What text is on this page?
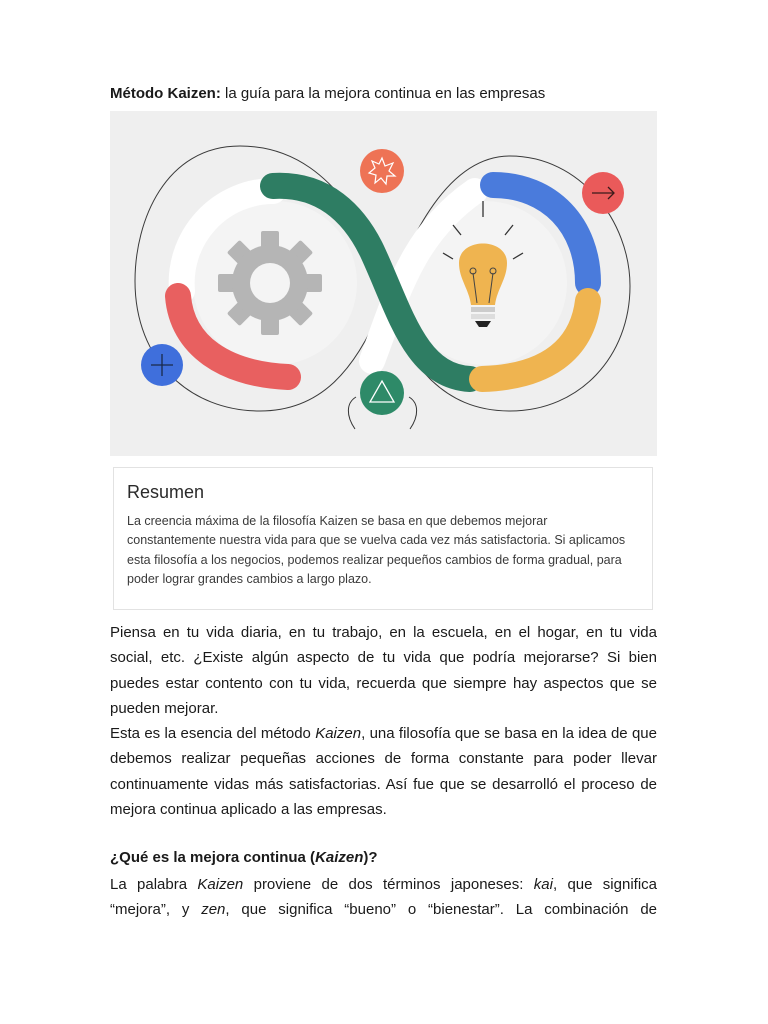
Método Kaizen: la guía para la mejora continua en las empresas
Resumen
La creencia máxima de la filosofía Kaizen se basa en que debemos mejorar constantemente nuestra vida para que se vuelva cada vez más satisfactoria. Si aplicamos esta filosofía a los negocios, podemos realizar pequeños cambios de forma gradual, para poder lograr grandes cambios a largo plazo.
Piensa en tu vida diaria, en tu trabajo, en la escuela, en el hogar, en tu vida social, etc. ¿Existe algún aspecto de tu vida que podría mejorarse? Si bien puedes estar contento con tu vida, recuerda que siempre hay aspectos que se pueden mejorar.
Esta es la esencia del método Kaizen, una filosofía que se basa en la idea de que debemos realizar pequeñas acciones de forma constante para poder llevar continuamente vidas más satisfactorias. Así fue que se desarrolló el proceso de mejora continua aplicado a las empresas.
¿Qué es la mejora continua (Kaizen)?
La palabra Kaizen proviene de dos términos japoneses: kai, que significa
“mejora”, y zen, que significa “bueno” o “bienestar”. La combinación de
